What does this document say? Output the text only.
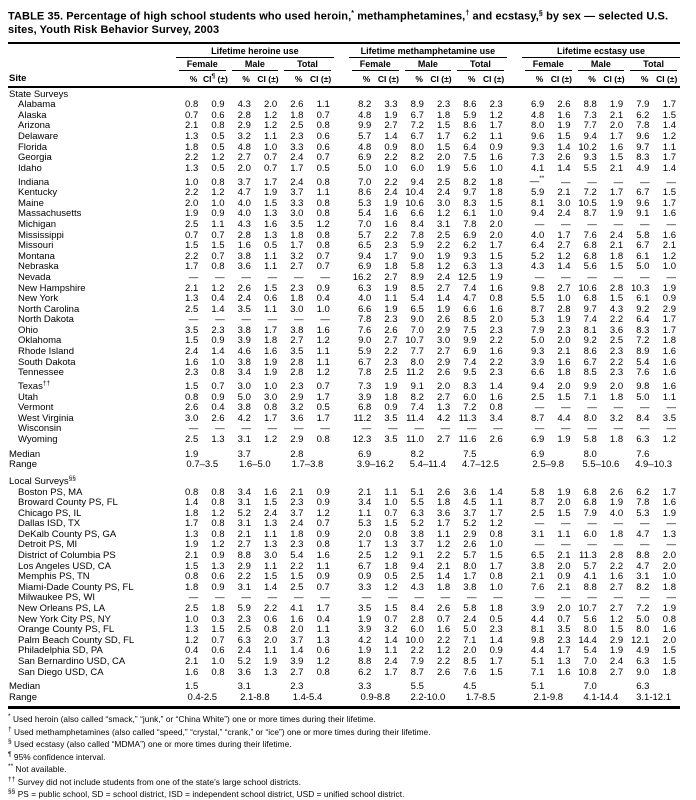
TABLE 35. Percentage of high school students who used heroin,* methamphetamines,† and ecstasy,§ by sex — selected U.S. sites, Youth Risk Behavior Survey, 2003
	Lifetime heroine use							Lifetime methamphetamine use							Lifetime ecstasy use					

	Female		Male		Total			Female		Male		Total			Female		Male		Total	

Site	%	CI¶ (±)	%	CI (±)	%	CI (±)		%	CI (±)	%	CI (±)	%	CI (±)		%	CI (±)	%	CI (±)	%	CI (±)
State Surveys																				
Alabama	0.8	0.9	4.3	2.0	2.6	1.1		8.2	3.3	8.9	2.3	8.6	2.3		6.9	2.6	8.8	1.9	7.9	1.7
Alaska	0.7	0.6	2.8	1.2	1.8	0.7		4.8	1.9	6.7	1.8	5.9	1.2		4.8	1.6	7.3	2.1	6.2	1.5
Arizona	2.1	0.8	2.9	1.2	2.5	0.8		9.9	2.7	7.2	1.5	8.6	1.7		8.0	1.9	7.7	2.0	7.8	1.4
Delaware	1.3	0.5	3.2	1.1	2.3	0.6		5.7	1.4	6.7	1.7	6.2	1.1		9.6	1.5	9.4	1.7	9.6	1.2
Florida	1.8	0.5	4.8	1.0	3.3	0.6		4.8	0.9	8.0	1.5	6.4	0.9		9.3	1.4	10.2	1.6	9.7	1.1
Georgia	2.2	1.2	2.7	0.7	2.4	0.7		6.9	2.2	8.2	2.0	7.5	1.6		7.3	2.6	9.3	1.5	8.3	1.7
Idaho	1.3	0.5	2.0	0.7	1.7	0.5		5.0	1.0	6.0	1.9	5.6	1.0		4.1	1.4	5.5	2.1	4.9	1.4
Indiana	1.0	0.8	3.7	1.7	2.4	0.8		7.0	2.2	9.4	2.5	8.2	1.8		—**	—	—	—	—	—
Kentucky	2.2	1.2	4.7	1.9	3.7	1.1		8.6	2.4	10.4	2.4	9.7	1.8		5.9	2.1	7.2	1.7	6.7	1.5
Maine	2.0	1.0	4.0	1.5	3.3	0.8		5.3	1.9	10.6	3.0	8.3	1.5		8.1	3.0	10.5	1.9	9.6	1.7
Massachusetts	1.9	0.9	4.0	1.3	3.0	0.8		5.4	1.6	6.6	1.2	6.1	1.0		9.4	2.4	8.7	1.9	9.1	1.6
Michigan	2.5	1.1	4.3	1.6	3.5	1.2		7.0	1.6	8.4	3.1	7.8	2.0		—	—	—	—	—	—
Mississippi	0.7	0.7	2.8	1.3	1.8	0.8		5.7	2.2	7.8	2.5	6.9	2.0		4.0	1.7	7.6	2.4	5.8	1.6
Missouri	1.5	1.5	1.6	0.5	1.7	0.8		6.5	2.3	5.9	2.2	6.2	1.7		6.4	2.7	6.8	2.1	6.7	2.1
Montana	2.2	0.7	3.8	1.1	3.2	0.7		9.4	1.7	9.0	1.9	9.3	1.5		5.2	1.2	6.8	1.8	6.1	1.2
Nebraska	1.7	0.8	3.6	1.1	2.7	0.7		6.9	1.8	5.8	1.2	6.3	1.3		4.3	1.4	5.6	1.5	5.0	1.0
Nevada	—	—	—	—	—	—		16.2	2.7	8.9	2.4	12.5	1.9		—	—	—	—	—	—
New Hampshire	2.1	1.2	2.6	1.5	2.3	0.9		6.3	1.9	8.5	2.7	7.4	1.6		9.8	2.7	10.6	2.8	10.3	1.9
New York	1.3	0.4	2.4	0.6	1.8	0.4		4.0	1.1	5.4	1.4	4.7	0.8		5.5	1.0	6.8	1.5	6.1	0.9
North Carolina	2.5	1.4	3.5	1.1	3.0	1.0		6.6	1.9	6.5	1.9	6.6	1.6		8.7	2.8	9.7	4.3	9.2	2.9
North Dakota	—	—	—	—	—	—		7.8	2.3	9.0	2.6	8.5	2.0		5.3	1.9	7.4	2.2	6.4	1.7
Ohio	3.5	2.3	3.8	1.7	3.8	1.6		7.6	2.6	7.0	2.9	7.5	2.3		7.9	2.3	8.1	3.6	8.3	1.7
Oklahoma	1.5	0.9	3.9	1.8	2.7	1.2		9.0	2.7	10.7	3.0	9.9	2.2		5.0	2.0	9.2	2.5	7.2	1.8
Rhode Island	2.4	1.4	4.6	1.6	3.5	1.1		5.9	2.2	7.7	2.7	6.9	1.6		9.3	2.1	8.6	2.3	8.9	1.6
South Dakota	1.6	1.0	3.8	1.9	2.8	1.1		6.7	2.3	8.0	2.9	7.4	2.2		3.9	1.6	6.7	2.2	5.4	1.6
Tennessee	2.3	0.8	3.4	1.9	2.8	1.2		7.8	2.5	11.2	2.6	9.5	2.3		6.6	1.8	8.5	2.3	7.6	1.6
Texas††	1.5	0.7	3.0	1.0	2.3	0.7		7.3	1.9	9.1	2.0	8.3	1.4		9.4	2.0	9.9	2.0	9.8	1.6
Utah	0.8	0.9	5.0	3.0	2.9	1.7		3.9	1.8	8.2	2.7	6.0	1.6		2.5	1.5	7.1	1.8	5.0	1.1
Vermont	2.6	0.4	3.8	0.8	3.2	0.5		6.8	0.9	7.4	1.3	7.2	0.8		—	—	—	—	—	—
West Virginia	3.0	2.6	4.2	1.7	3.6	1.7		11.2	3.5	11.4	4.2	11.3	3.4		8.7	4.4	8.0	3.2	8.4	3.5
Wisconsin	—	—	—	—	—	—		—	—	—	—	—	—		—	—	—	—	—	—
Wyoming	2.5	1.3	3.1	1.2	2.9	0.8		12.3	3.5	11.0	2.7	11.6	2.6		6.9	1.9	5.8	1.8	6.3	1.2
Median	1.9		3.7		2.8			6.9		8.2		7.5			6.9		8.0		7.6	
Range	0.7–3.5		1.6–5.0		1.7–3.8			3.9–16.2		5.4–11.4		4.7–12.5			2.5–9.8		5.5–10.6		4.9–10.3	
Local Surveys§§
Boston PS, MA	0.8	0.8	3.4	1.6	2.1	0.9		2.1	1.1	5.1	2.6	3.6	1.4		5.8	1.9	6.8	2.6	6.2	1.7
Broward County PS, FL	1.4	0.8	3.1	1.5	2.3	0.9		3.4	1.0	5.5	1.8	4.5	1.1		8.7	2.0	6.8	1.9	7.8	1.6
Chicago PS, IL	1.8	1.2	5.2	2.4	3.7	1.2		1.1	0.7	6.3	3.6	3.7	1.7		2.5	1.5	7.9	4.0	5.3	1.9
Dallas ISD, TX	1.7	0.8	3.1	1.3	2.4	0.7		5.3	1.5	5.2	1.7	5.2	1.2		—	—	—	—	—	—
DeKalb County PS, GA	1.3	0.8	2.1	1.1	1.8	0.9		2.0	0.8	3.8	1.1	2.9	0.8		3.1	1.1	6.0	1.8	4.7	1.3
Detroit PS, MI	1.9	1.2	2.7	1.3	2.3	0.8		1.7	1.3	3.7	1.2	2.6	1.0		—	—	—	—	—	—
District of Columbia PS	2.1	0.9	8.8	3.0	5.4	1.6		2.5	1.2	9.1	2.2	5.7	1.5		6.5	2.1	11.3	2.8	8.8	2.0
Los Angeles USD, CA	1.5	1.3	2.9	1.1	2.2	1.1		6.7	1.8	9.4	2.1	8.0	1.7		3.8	2.0	5.7	2.2	4.7	2.0
Memphis PS, TN	0.8	0.6	2.2	1.5	1.5	0.9		0.9	0.5	2.5	1.4	1.7	0.8		2.1	0.9	4.1	1.6	3.1	1.0
Miami-Dade County PS, FL	1.8	0.9	3.1	1.4	2.5	0.7		3.3	1.2	4.3	1.8	3.8	1.0		7.6	2.1	8.8	2.7	8.2	1.8
Milwaukee PS, WI	—	—	—	—	—	—		—	—	—	—	—	—		—	—	—	—	—	—
New Orleans PS, LA	2.5	1.8	5.9	2.2	4.1	1.7		3.5	1.5	8.4	2.6	5.8	1.8		3.9	2.0	10.7	2.7	7.2	1.9
New York City PS, NY	1.0	0.3	2.3	0.6	1.6	0.4		1.9	0.7	2.8	0.7	2.4	0.5		4.4	0.7	5.6	1.2	5.0	0.8
Orange County PS, FL	1.3	1.5	2.5	0.8	2.0	1.1		3.9	3.2	6.0	1.6	5.0	2.3		8.1	3.5	8.0	1.5	8.0	1.6
Palm Beach County SD, FL	1.2	0.7	6.3	2.0	3.7	1.3		4.2	1.4	10.0	2.2	7.1	1.4		9.8	2.3	14.4	2.9	12.1	2.0
Philadelphia SD, PA	0.4	0.6	2.4	1.1	1.4	0.6		1.9	1.1	2.2	1.2	2.0	0.9		4.4	1.7	5.4	1.9	4.9	1.5
San Bernardino USD, CA	2.1	1.0	5.2	1.9	3.9	1.2		8.8	2.4	7.9	2.2	8.5	1.7		5.1	1.3	7.0	2.4	6.3	1.5
San Diego USD, CA	1.6	0.8	3.6	1.3	2.7	0.8		6.2	1.7	8.7	2.6	7.6	1.5		7.1	1.6	10.8	2.7	9.0	1.8
Median	1.5		3.1		2.3			3.3		5.5		4.5			5.1		7.0		6.3	
Range	0.4-2.5		2.1-8.8		1.4-5.4			0.9-8.8		2.2-10.0		1.7-8.5			2.1-9.8		4.1-14.4		3.1-12.1	
* Used heroin (also called “smack,” “junk,” or “China White”) one or more times during their lifetime.
† Used methamphetamines (also called “speed,” “crystal,” “crank,” or “ice”) one or more times during their lifetime.
§ Used ecstasy (also called “MDMA”) one or more times during their lifetime.
¶ 95% confidence interval.
** Not available.
†† Survey did not include students from one of the state’s large school districts.
§§ PS = public school, SD = school district, ISD = independent school district, USD = unified school district.
